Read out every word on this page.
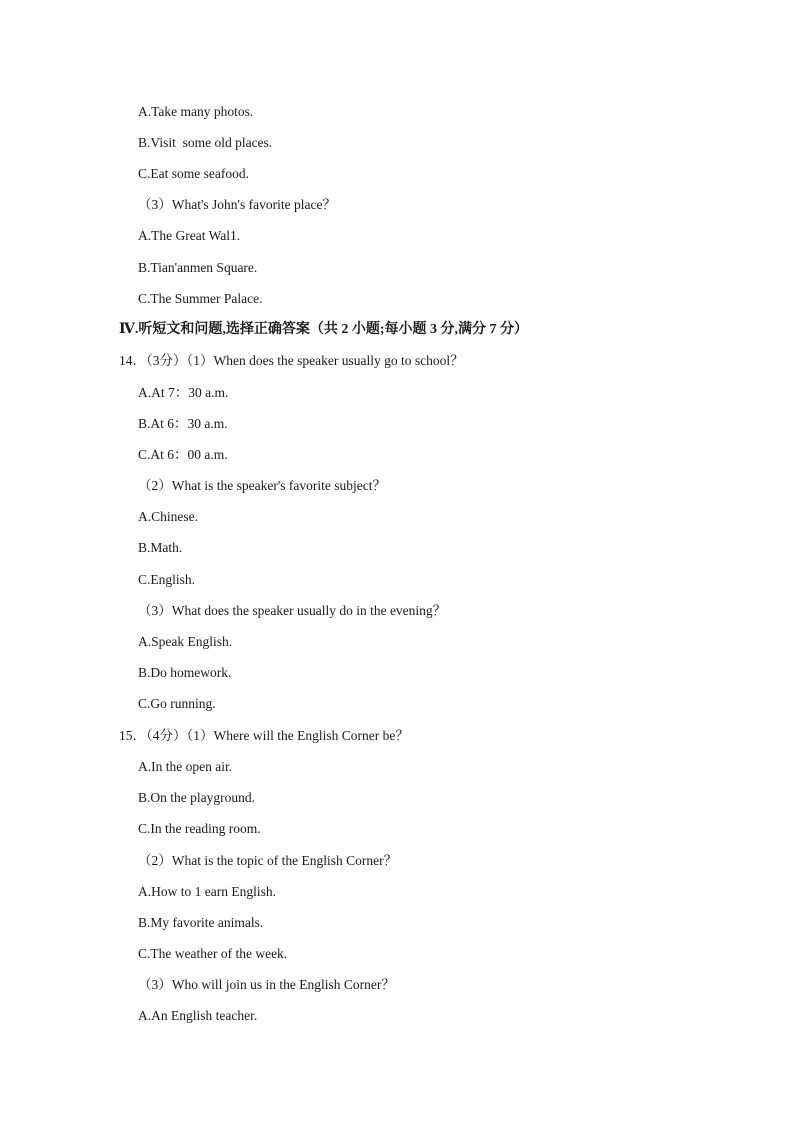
A.Take many photos.
B.Visit  some old places.
C.Eat some seafood.
（3）What's John's favorite place？
A.The Great Wal1.
B.Tian'anmen Square.
C.The Summer Palace.
Ⅳ.听短文和问题,选择正确答案（共 2 小题;每小题 3 分,满分 7 分）
14．（3分）（1）When does the speaker usually go to school？
A.At 7：30 a.m.
B.At 6：30 a.m.
C.At 6：00 a.m.
（2）What is the speaker's favorite subject？
A.Chinese.
B.Math.
C.English.
（3）What does the speaker usually do in the evening？
A.Speak English.
B.Do homework.
C.Go running.
15．（4分）（1）Where will the English Corner be？
A.In the open air.
B.On the playground.
C.In the reading room.
（2）What is the topic of the English Corner？
A.How to 1 earn English.
B.My favorite animals.
C.The weather of the week.
（3）Who will join us in the English Corner？
A.An English teacher.
